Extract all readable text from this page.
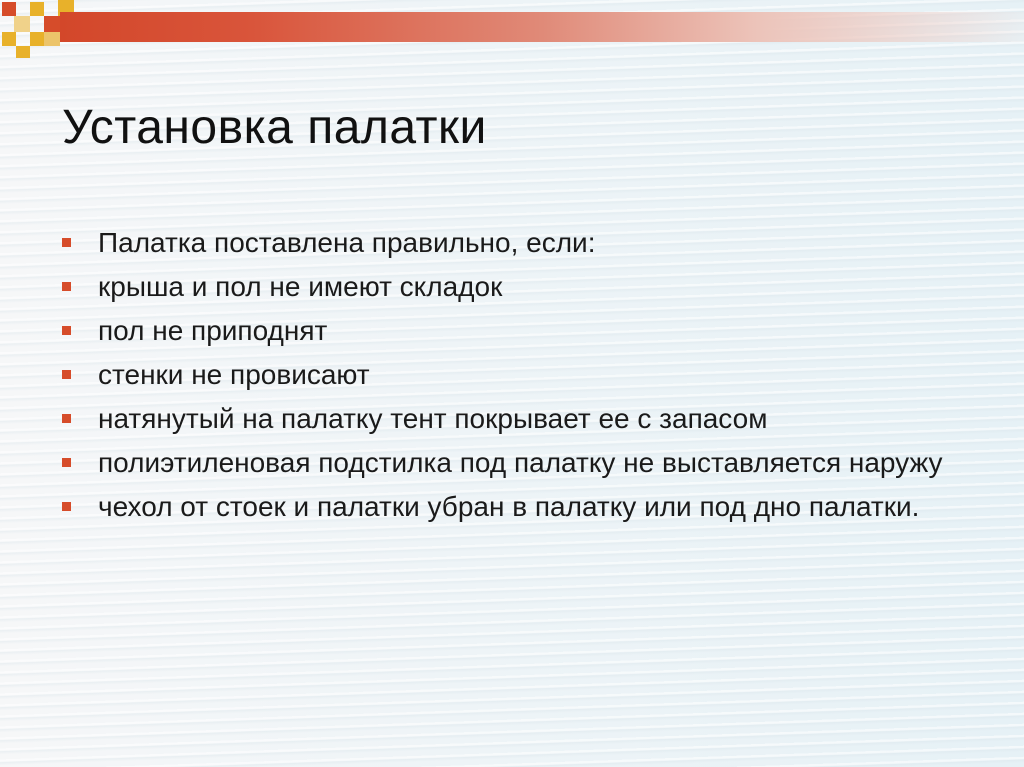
Установка палатки
Палатка поставлена правильно, если:
крыша и пол не имеют складок
пол не приподнят
стенки не провисают
натянутый на палатку тент покрывает ее с запасом
полиэтиленовая подстилка под палатку не выставляется наружу
чехол от стоек и палатки убран в палатку или под дно палатки.
